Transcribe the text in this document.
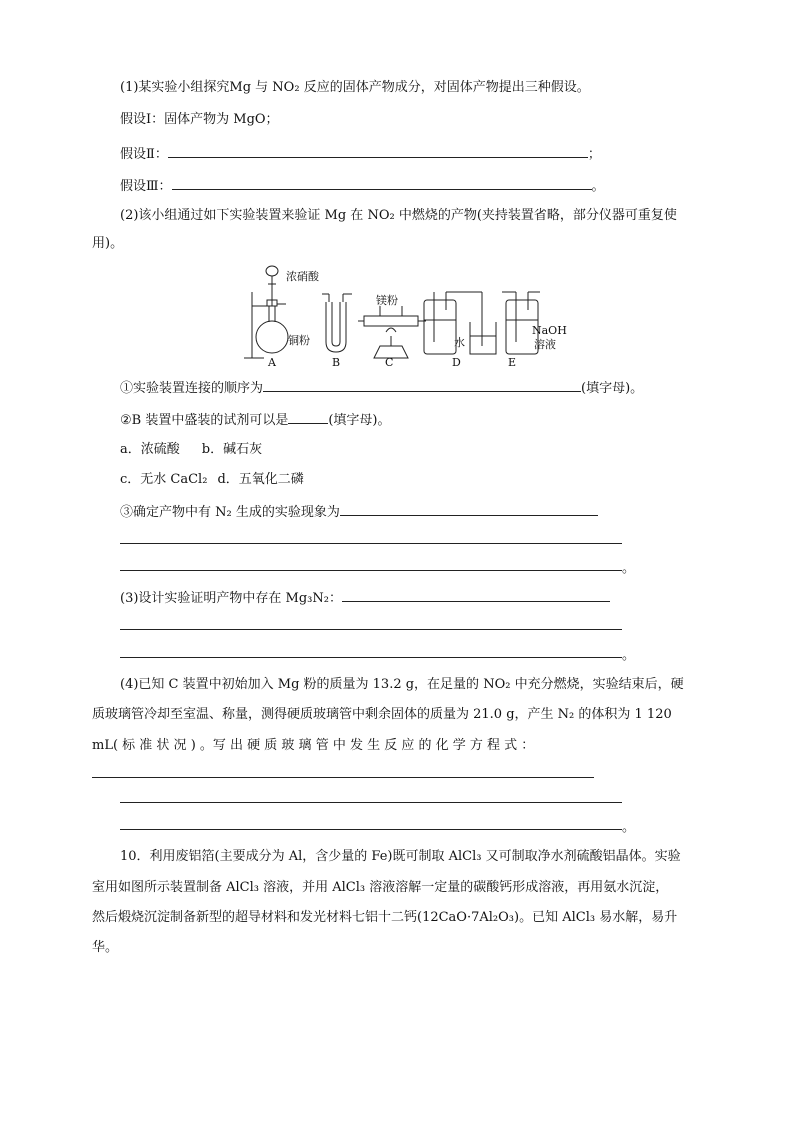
(1)某实验小组探究Mg 与 NO₂ 反应的固体产物成分，对固体产物提出三种假设。
假设Ⅰ：固体产物为 MgO；
假设Ⅱ：	；
假设Ⅲ：	。
(2)该小组通过如下实验装置来验证 Mg 在 NO₂ 中燃烧的产物(夹持装置省略，部分仪器可重复使
用)。
浓硝酸
铜粉
镁粉
水
NaOH
溶液
A	B	C	D	E
①实验装置连接的顺序为	(填字母)。
②B 装置中盛装的试剂可以是	(填字母)。
a．浓硫酸 b．碱石灰
c．无水 CaCl₂ d．五氧化二磷
③确定产物中有 N₂ 生成的实验现象为
。
(3)设计实验证明产物中存在 Mg₃N₂：
。
(4)已知 C 装置中初始加入 Mg 粉的质量为 13.2 g，在足量的 NO₂ 中充分燃烧，实验结束后，硬
质玻璃管冷却至室温、称量，测得硬质玻璃管中剩余固体的质量为 21.0 g，产生 N₂ 的体积为 1 120
mL( 标 准 状 况 ) 。写 出 硬 质 玻 璃 管 中 发 生 反 应 的 化 学 方 程 式 ：
。
10．利用废铝箔(主要成分为 Al，含少量的 Fe)既可制取 AlCl₃ 又可制取净水剂硫酸铝晶体。实验
室用如图所示装置制备 AlCl₃ 溶液，并用 AlCl₃ 溶液溶解一定量的碳酸钙形成溶液，再用氨水沉淀，
然后煅烧沉淀制备新型的超导材料和发光材料七铝十二钙(12CaO·7Al₂O₃)。已知 AlCl₃ 易水解，易升
华。
